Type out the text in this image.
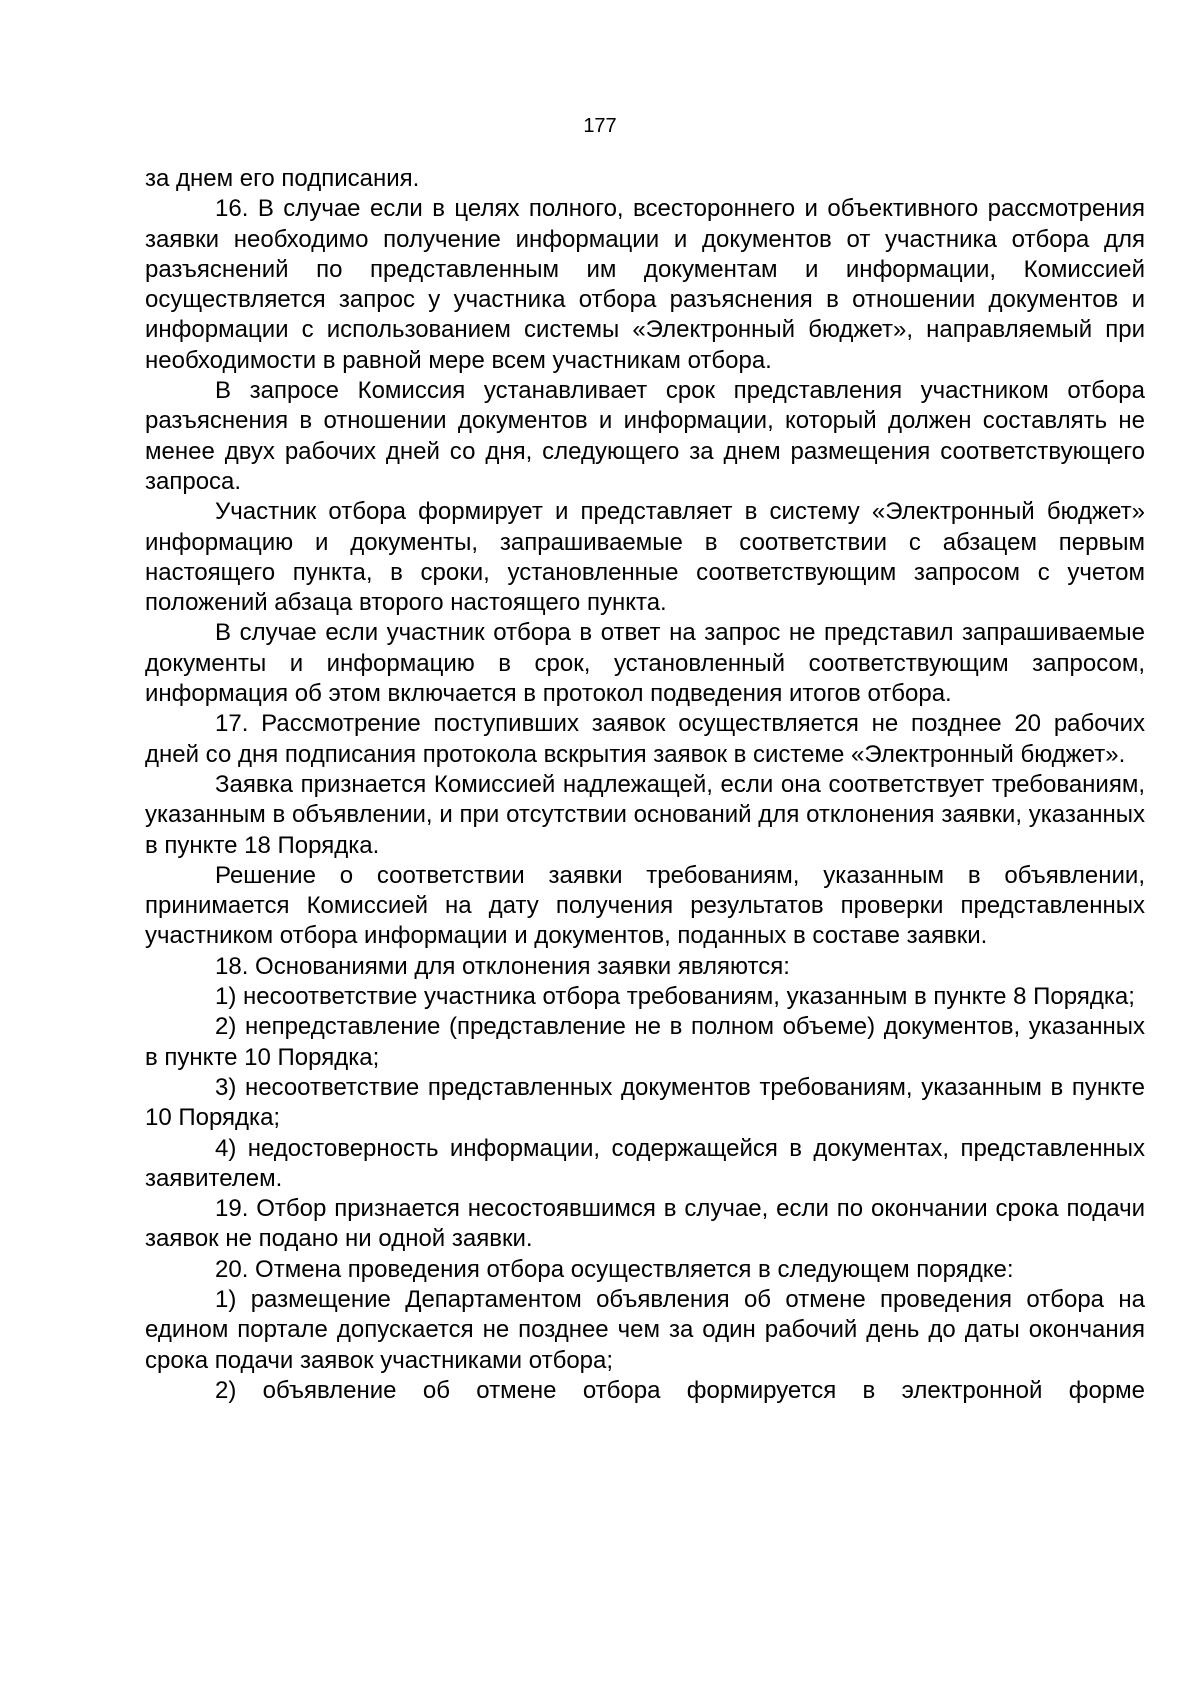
177

за днем его подписания.

16. В случае если в целях полного, всестороннего и объективного рассмотрения заявки необходимо получение информации и документов от участника отбора для разъяснений по представленным им документам и информации, Комиссией осуществляется запрос у участника отбора разъяснения в отношении документов и информации с использованием системы «Электронный бюджет», направляемый при необходимости в равной мере всем участникам отбора.

В запросе Комиссия устанавливает срок представления участником отбора разъяснения в отношении документов и информации, который должен составлять не менее двух рабочих дней со дня, следующего за днем размещения соответствующего запроса.

Участник отбора формирует и представляет в систему «Электронный бюджет» информацию и документы, запрашиваемые в соответствии с абзацем первым настоящего пункта, в сроки, установленные соответствующим запросом с учетом положений абзаца второго настоящего пункта.

В случае если участник отбора в ответ на запрос не представил запрашиваемые документы и информацию в срок, установленный соответствующим запросом, информация об этом включается в протокол подведения итогов отбора.

17. Рассмотрение поступивших заявок осуществляется не позднее 20 рабочих дней со дня подписания протокола вскрытия заявок в системе «Электронный бюджет».

Заявка признается Комиссией надлежащей, если она соответствует требованиям, указанным в объявлении, и при отсутствии оснований для отклонения заявки, указанных в пункте 18 Порядка.

Решение о соответствии заявки требованиям, указанным в объявлении, принимается Комиссией на дату получения результатов проверки представленных участником отбора информации и документов, поданных в составе заявки.

18. Основаниями для отклонения заявки являются:

1) несоответствие участника отбора требованиям, указанным в пункте 8 Порядка;

2) непредставление (представление не в полном объеме) документов, указанных в пункте 10 Порядка;

3) несоответствие представленных документов требованиям, указанным в пункте 10 Порядка;

4) недостоверность информации, содержащейся в документах, представленных заявителем.

19. Отбор признается несостоявшимся в случае, если по окончании срока подачи заявок не подано ни одной заявки.

20. Отмена проведения отбора осуществляется в следующем порядке:

1) размещение Департаментом объявления об отмене проведения отбора на едином портале допускается не позднее чем за один рабочий день до даты окончания срока подачи заявок участниками отбора;

2) объявление об отмене отбора формируется в электронной форме
